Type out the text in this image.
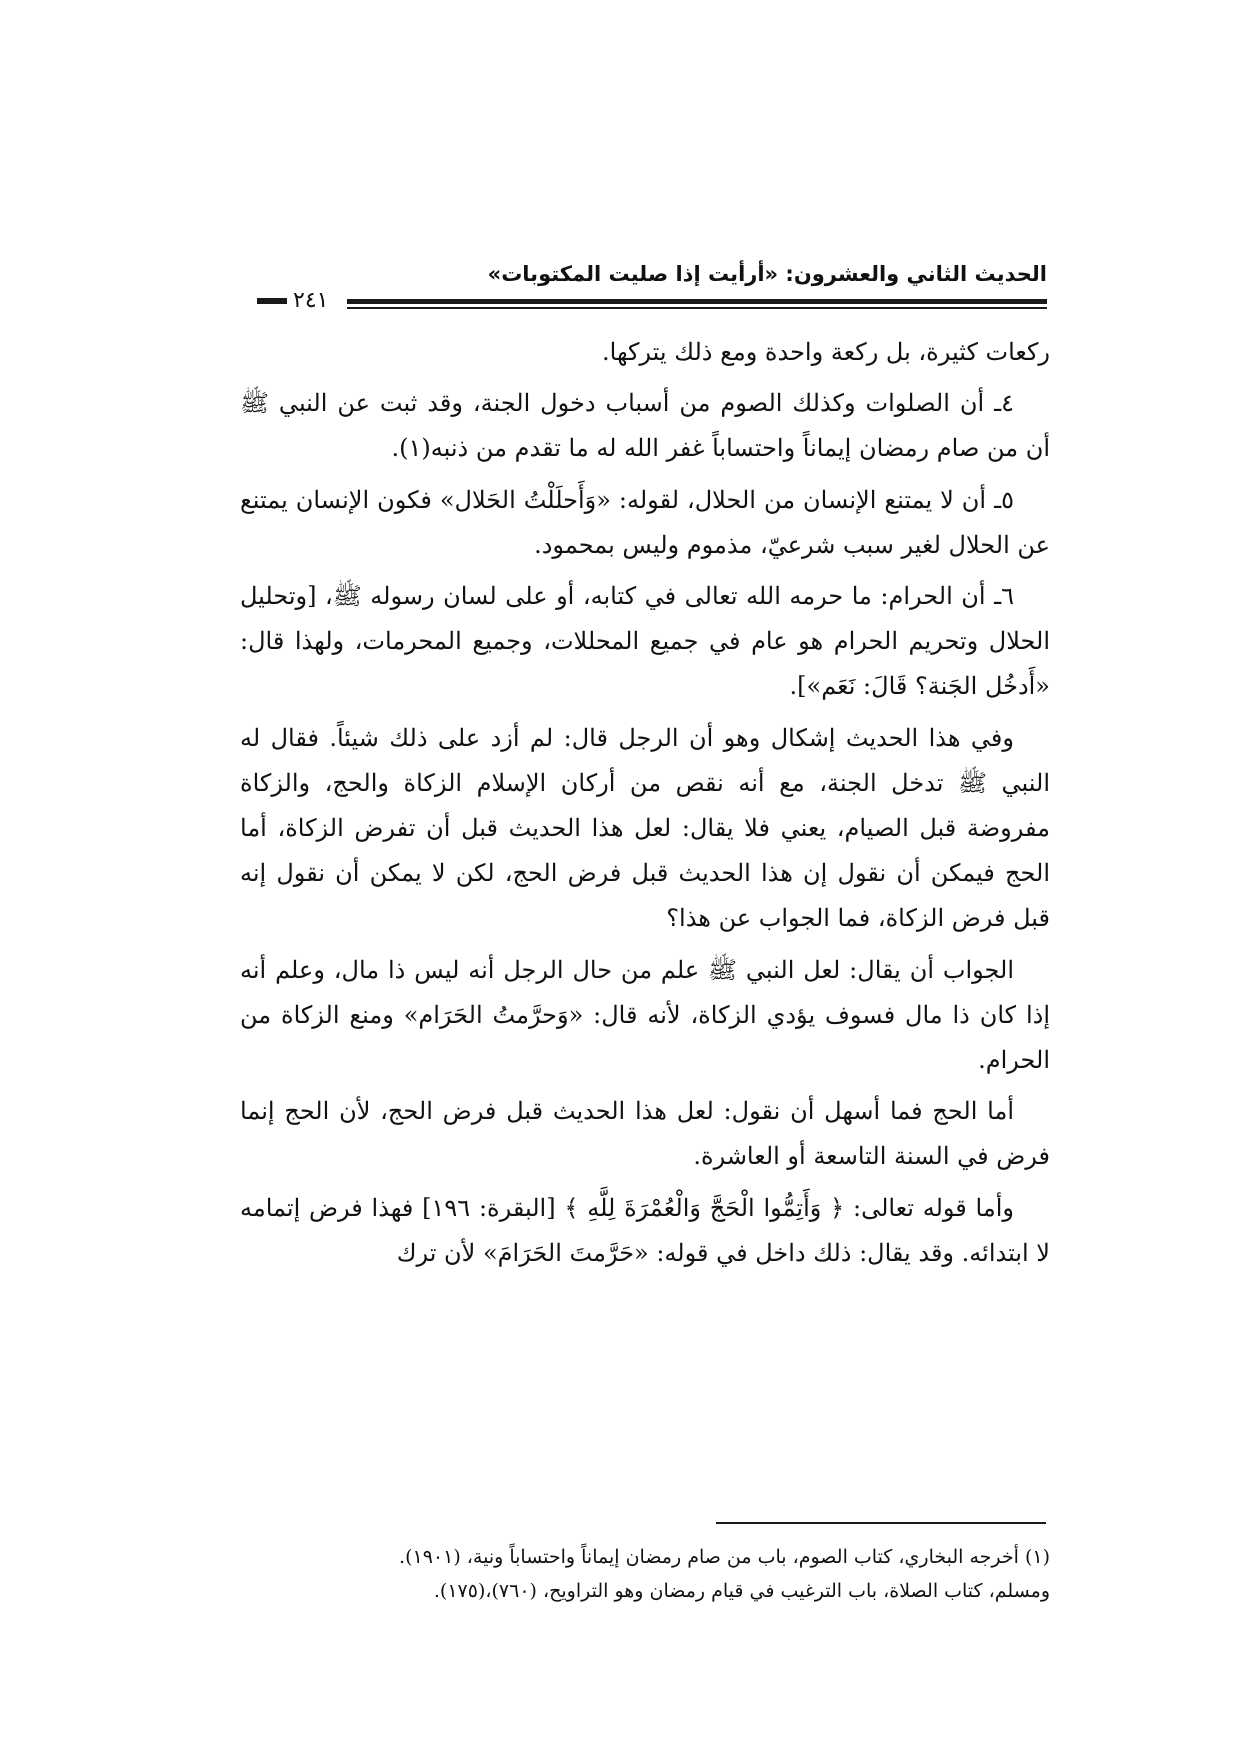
الحديث الثاني والعشرون: «أرأيت إذا صليت المكتوبات»
٢٤١

ركعات كثيرة، بل ركعة واحدة ومع ذلك يتركها.

٤ـ أن الصلوات وكذلك الصوم من أسباب دخول الجنة، وقد ثبت عن النبي ﷺ أن من صام رمضان إيماناً واحتساباً غفر الله له ما تقدم من ذنبه(١).

٥ـ أن لا يمتنع الإنسان من الحلال، لقوله: «وَأَحلَلْتُ الحَلال» فكون الإنسان يمتنع عن الحلال لغير سبب شرعيّ، مذموم وليس بمحمود.

٦ـ أن الحرام: ما حرمه الله تعالى في كتابه، أو على لسان رسوله ﷺ، [وتحليل الحلال وتحريم الحرام هو عام في جميع المحللات، وجميع المحرمات، ولهذا قال: «أَدخُل الجَنة؟ قَالَ: نَعَم»].

وفي هذا الحديث إشكال وهو أن الرجل قال: لم أزد على ذلك شيئاً. فقال له النبي ﷺ تدخل الجنة، مع أنه نقص من أركان الإسلام الزكاة والحج، والزكاة مفروضة قبل الصيام، يعني فلا يقال: لعل هذا الحديث قبل أن تفرض الزكاة، أما الحج فيمكن أن نقول إن هذا الحديث قبل فرض الحج، لكن لا يمكن أن نقول إنه قبل فرض الزكاة، فما الجواب عن هذا؟

الجواب أن يقال: لعل النبي ﷺ علم من حال الرجل أنه ليس ذا مال، وعلم أنه إذا كان ذا مال فسوف يؤدي الزكاة، لأنه قال: «وَحرَّمتُ الحَرَام» ومنع الزكاة من الحرام.

أما الحج فما أسهل أن نقول: لعل هذا الحديث قبل فرض الحج، لأن الحج إنما فرض في السنة التاسعة أو العاشرة.

وأما قوله تعالى: ﴿ وَأَتِمُّوا الْحَجَّ وَالْعُمْرَةَ لِلَّهِ ﴾ [البقرة: ١٩٦] فهذا فرض إتمامه لا ابتدائه. وقد يقال: ذلك داخل في قوله: «حَرَّمتَ الحَرَامَ» لأن ترك

(١) أخرجه البخاري، كتاب الصوم، باب من صام رمضان إيماناً واحتساباً ونية، (١٩٠١).

ومسلم، كتاب الصلاة، باب الترغيب في قيام رمضان وهو التراويح، (٧٦٠)،(١٧٥).
